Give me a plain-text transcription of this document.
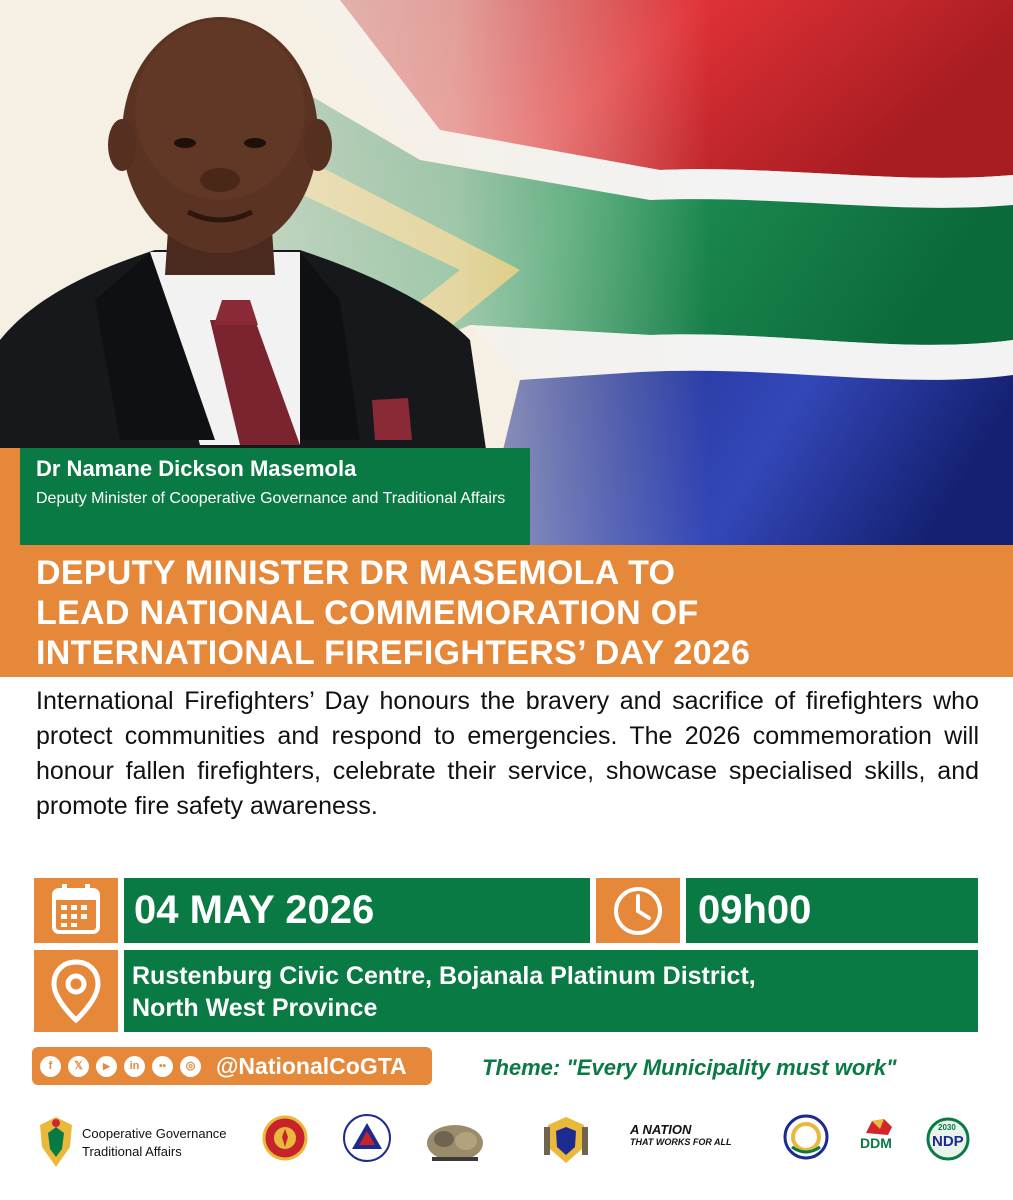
Dr Namane Dickson Masemola
Deputy Minister of Cooperative Governance and Traditional Affairs
DEPUTY MINISTER DR MASEMOLA TO
LEAD NATIONAL COMMEMORATION OF
INTERNATIONAL FIREFIGHTERS’ DAY 2026
International Firefighters’ Day honours the bravery and sacrifice of firefighters who protect communities and respond to emergencies. The 2026 commemoration will honour fallen firefighters, celebrate their service, showcase specialised skills, and promote fire safety awareness.
04 MAY 2026	09h00
Rustenburg Civic Centre, Bojanala Platinum District,
North West Province
f	𝕏	▶	in	••	◎ @NationalCoGTA	Theme: "Every Municipality must work"
Cooperative Governance
Traditional Affairs
A NATION
THAT WORKS FOR ALL	DDM
2030
NDP
